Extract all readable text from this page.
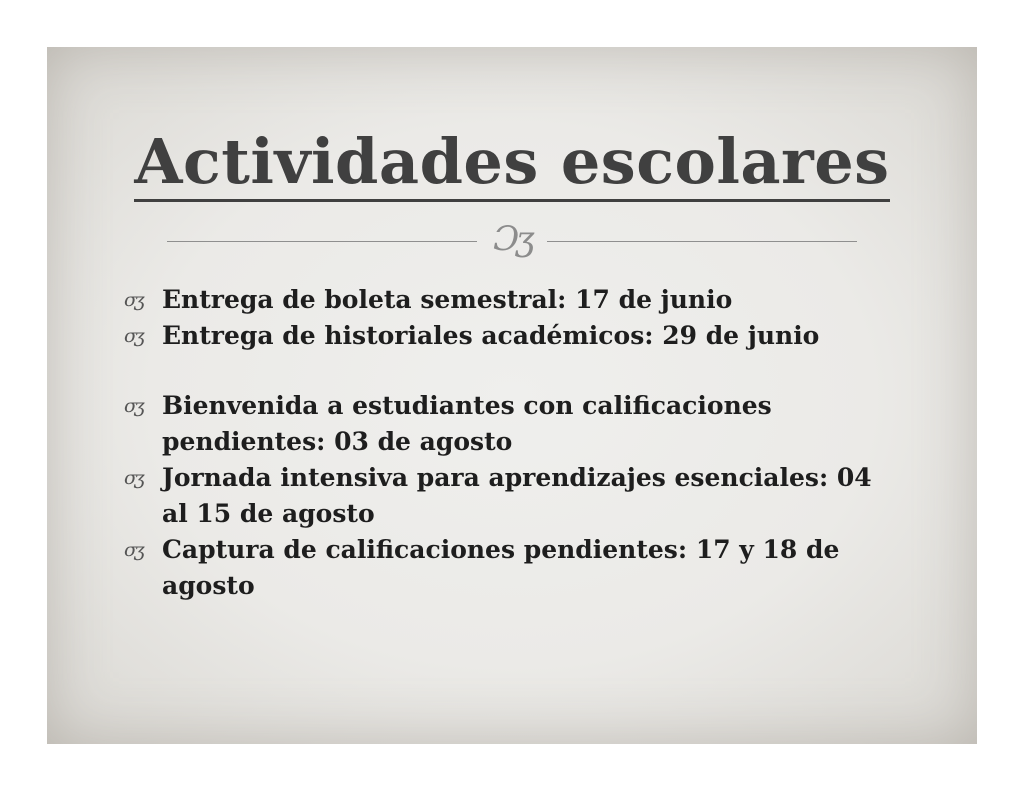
Actividades escolares
Ɔʒ
σʒ Entrega de boleta semestral: 17 de junio
σʒ Entrega de historiales académicos: 29 de junio
σʒ Bienvenida a estudiantes con calificaciones pendientes: 03 de agosto
σʒ Jornada intensiva para aprendizajes esenciales: 04 al 15 de agosto
σʒ Captura de calificaciones pendientes: 17 y 18 de agosto
